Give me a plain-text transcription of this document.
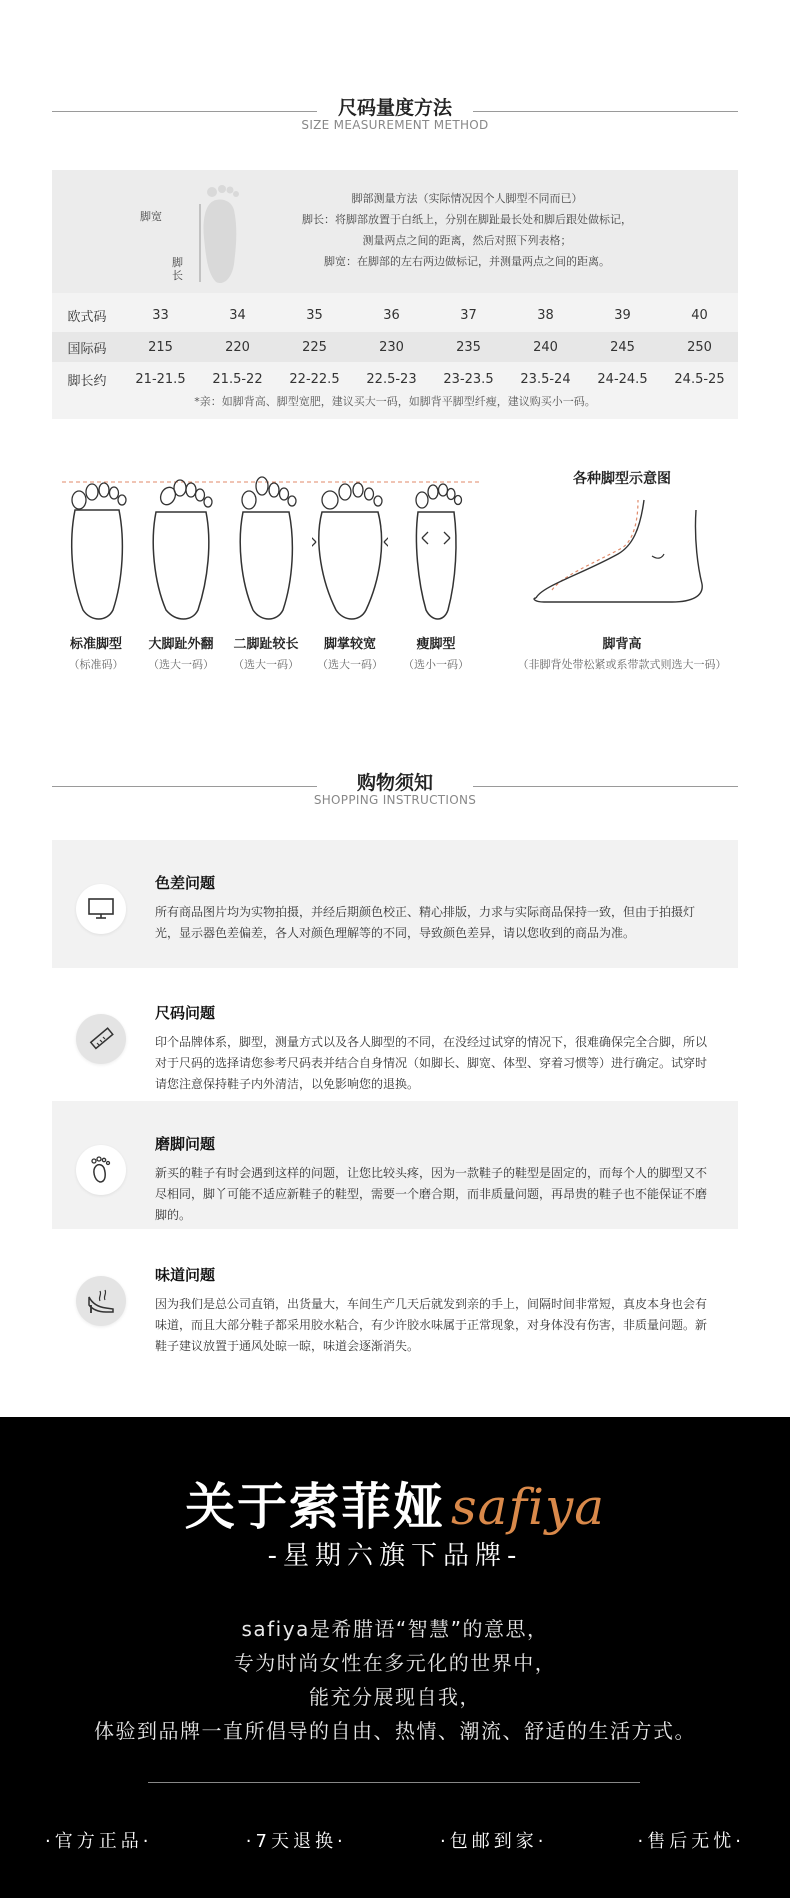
尺码量度方法
SIZE MEASUREMENT METHOD
脚宽
脚长
脚部测量方法（实际情况因个人脚型不同而已）
脚长：将脚部放置于白纸上，分别在脚趾最长处和脚后跟处做标记，
测量两点之间的距离，然后对照下列表格；
脚宽：在脚部的左右两边做标记，并测量两点之间的距离。
欧式码	33	34	35	36	37	38	39	40
国际码	215	220	225	230	235	240	245	250
脚长约	21-21.5	21.5-22	22-22.5	22.5-23	23-23.5	23.5-24	24-24.5	24.5-25
*亲：如脚背高、脚型宽肥，建议买大一码，如脚背平脚型纤瘦，建议购买小一码。
标准脚型
（标准码）
大脚趾外翻
（选大一码）
二脚趾较长
（选大一码）
脚掌较宽
（选大一码）
瘦脚型
（选小一码）
各种脚型示意图
脚背高
（非脚背处带松紧或系带款式则选大一码）
购物须知
SHOPPING INSTRUCTIONS
色差问题
所有商品图片均为实物拍摄，并经后期颜色校正、精心排版，力求与实际商品保持一致，但由于拍摄灯光，显示器色差偏差，各人对颜色理解等的不同，导致颜色差异，请以您收到的商品为准。
尺码问题
印个品牌体系，脚型，测量方式以及各人脚型的不同，在没经过试穿的情况下，很难确保完全合脚，所以对于尺码的选择请您参考尺码表并结合自身情况（如脚长、脚宽、体型、穿着习惯等）进行确定。试穿时请您注意保持鞋子内外清洁，以免影响您的退换。
磨脚问题
新买的鞋子有时会遇到这样的问题，让您比较头疼，因为一款鞋子的鞋型是固定的，而每个人的脚型又不尽相同，脚丫可能不适应新鞋子的鞋型，需要一个磨合期，而非质量问题，再昂贵的鞋子也不能保证不磨脚的。
味道问题
因为我们是总公司直销，出货量大，车间生产几天后就发到亲的手上，间隔时间非常短，真皮本身也会有味道，而且大部分鞋子都采用胶水粘合，有少许胶水味属于正常现象，对身体没有伤害，非质量问题。新鞋子建议放置于通风处晾一晾，味道会逐渐消失。
关于索菲娅 safiya
-星期六旗下品牌-
safiya是希腊语“智慧”的意思，
专为时尚女性在多元化的世界中，
能充分展现自我，
体验到品牌一直所倡导的自由、热情、潮流、舒适的生活方式。
·官方正品·	·7天退换·	·包邮到家·	·售后无忧·
